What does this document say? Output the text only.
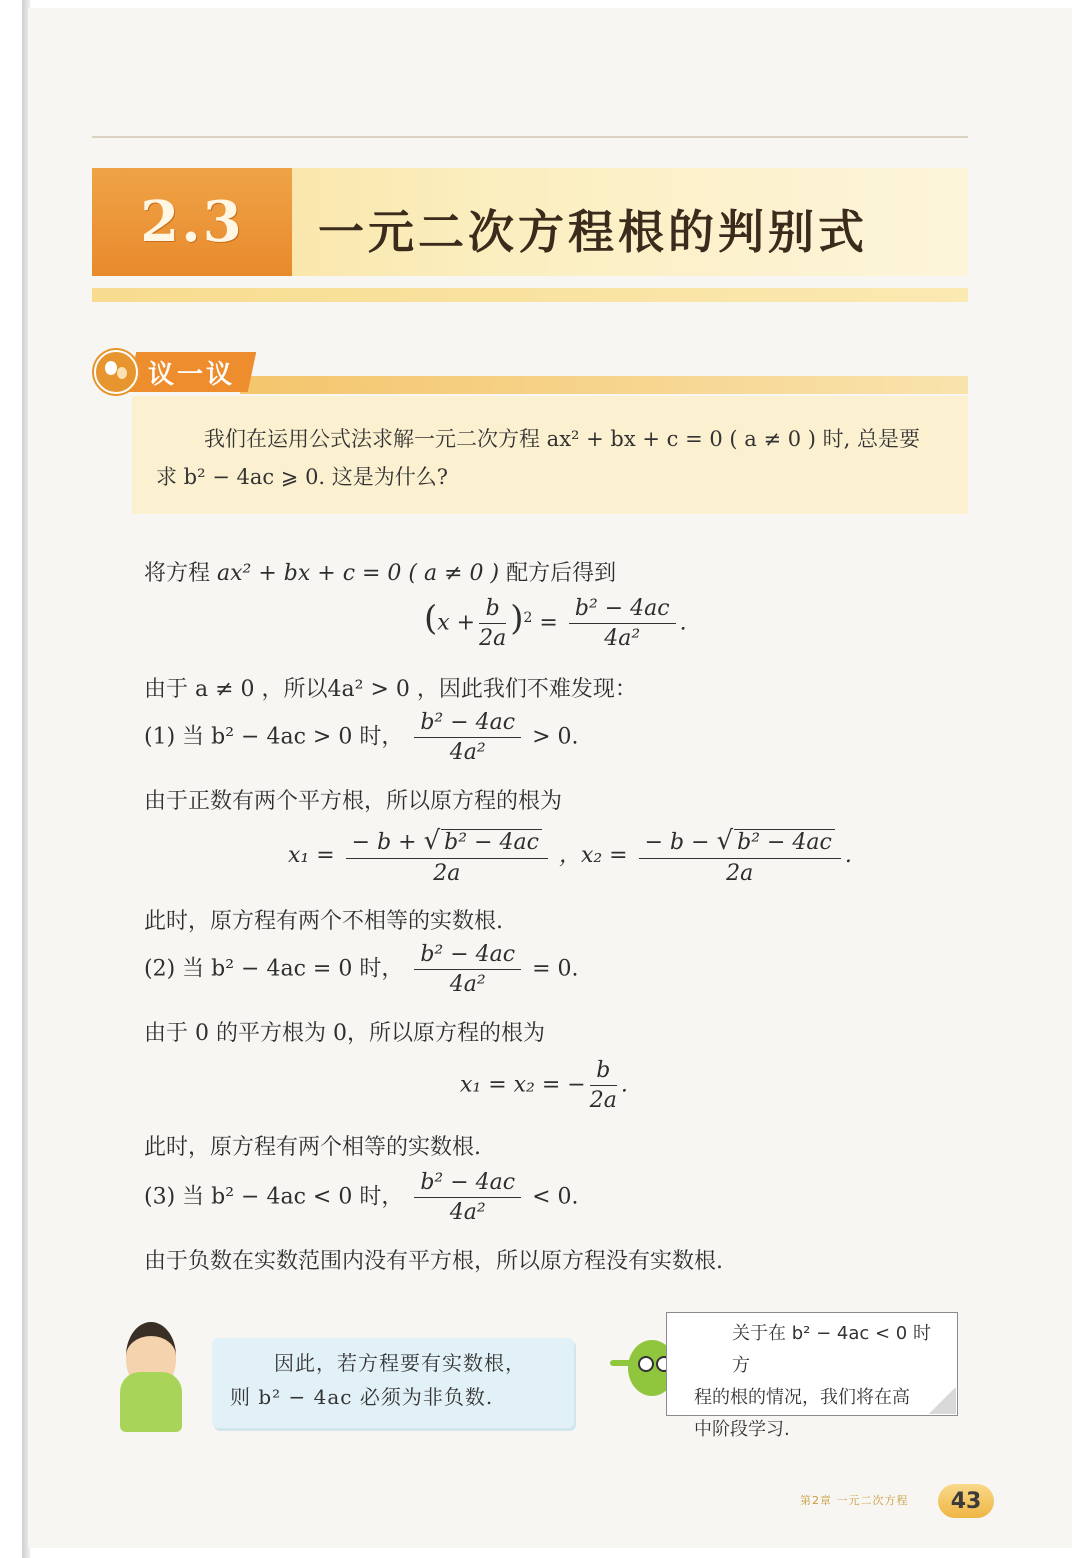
2.3 一元二次方程根的判别式
议一议
我们在运用公式法求解一元二次方程 ax² + bx + c = 0 ( a ≠ 0 ) 时, 总是要
求 b² − 4ac ⩾ 0. 这是为什么?
将方程 ax² + bx + c = 0 ( a ≠ 0 ) 配方后得到
$(x + \frac{b}{2a} )^2 = \frac{\text{b² − 4ac}}{\text{4a²}}$ .
由于 a ≠ 0 ，所以4a² > 0 ，因此我们不难发现：
(1) 当 b² − 4ac > 0 时， $\frac{\text{b² − 4ac}}{\text{4a²}} > 0$.
由于正数有两个平方根，所以原方程的根为
$x_1 = \frac{\text{− b + √ b² − 4ac}}{2a}$ ，$x_2 = \frac{\text{− b − √ b² − 4ac}}{2a}$ .
此时，原方程有两个不相等的实数根.
(2) 当 b² − 4ac = 0 时， $\frac{\text{b² − 4ac}}{\text{4a²}} = 0$.
由于 0 的平方根为 0，所以原方程的根为
x₁ = x₂ = − $\frac{b}{2a}$ .
此时，原方程有两个相等的实数根.
(3) 当 b² − 4ac < 0 时， $\frac{\text{b² − 4ac}}{\text{4a²}} < 0$.
由于负数在实数范围内没有平方根，所以原方程没有实数根.
因此，若方程要有实数根，
则 b² − 4ac 必须为非负数.
关于在 b² − 4ac < 0 时方
程的根的情况，我们将在高
中阶段学习.
第2章 一元二次方程 43
